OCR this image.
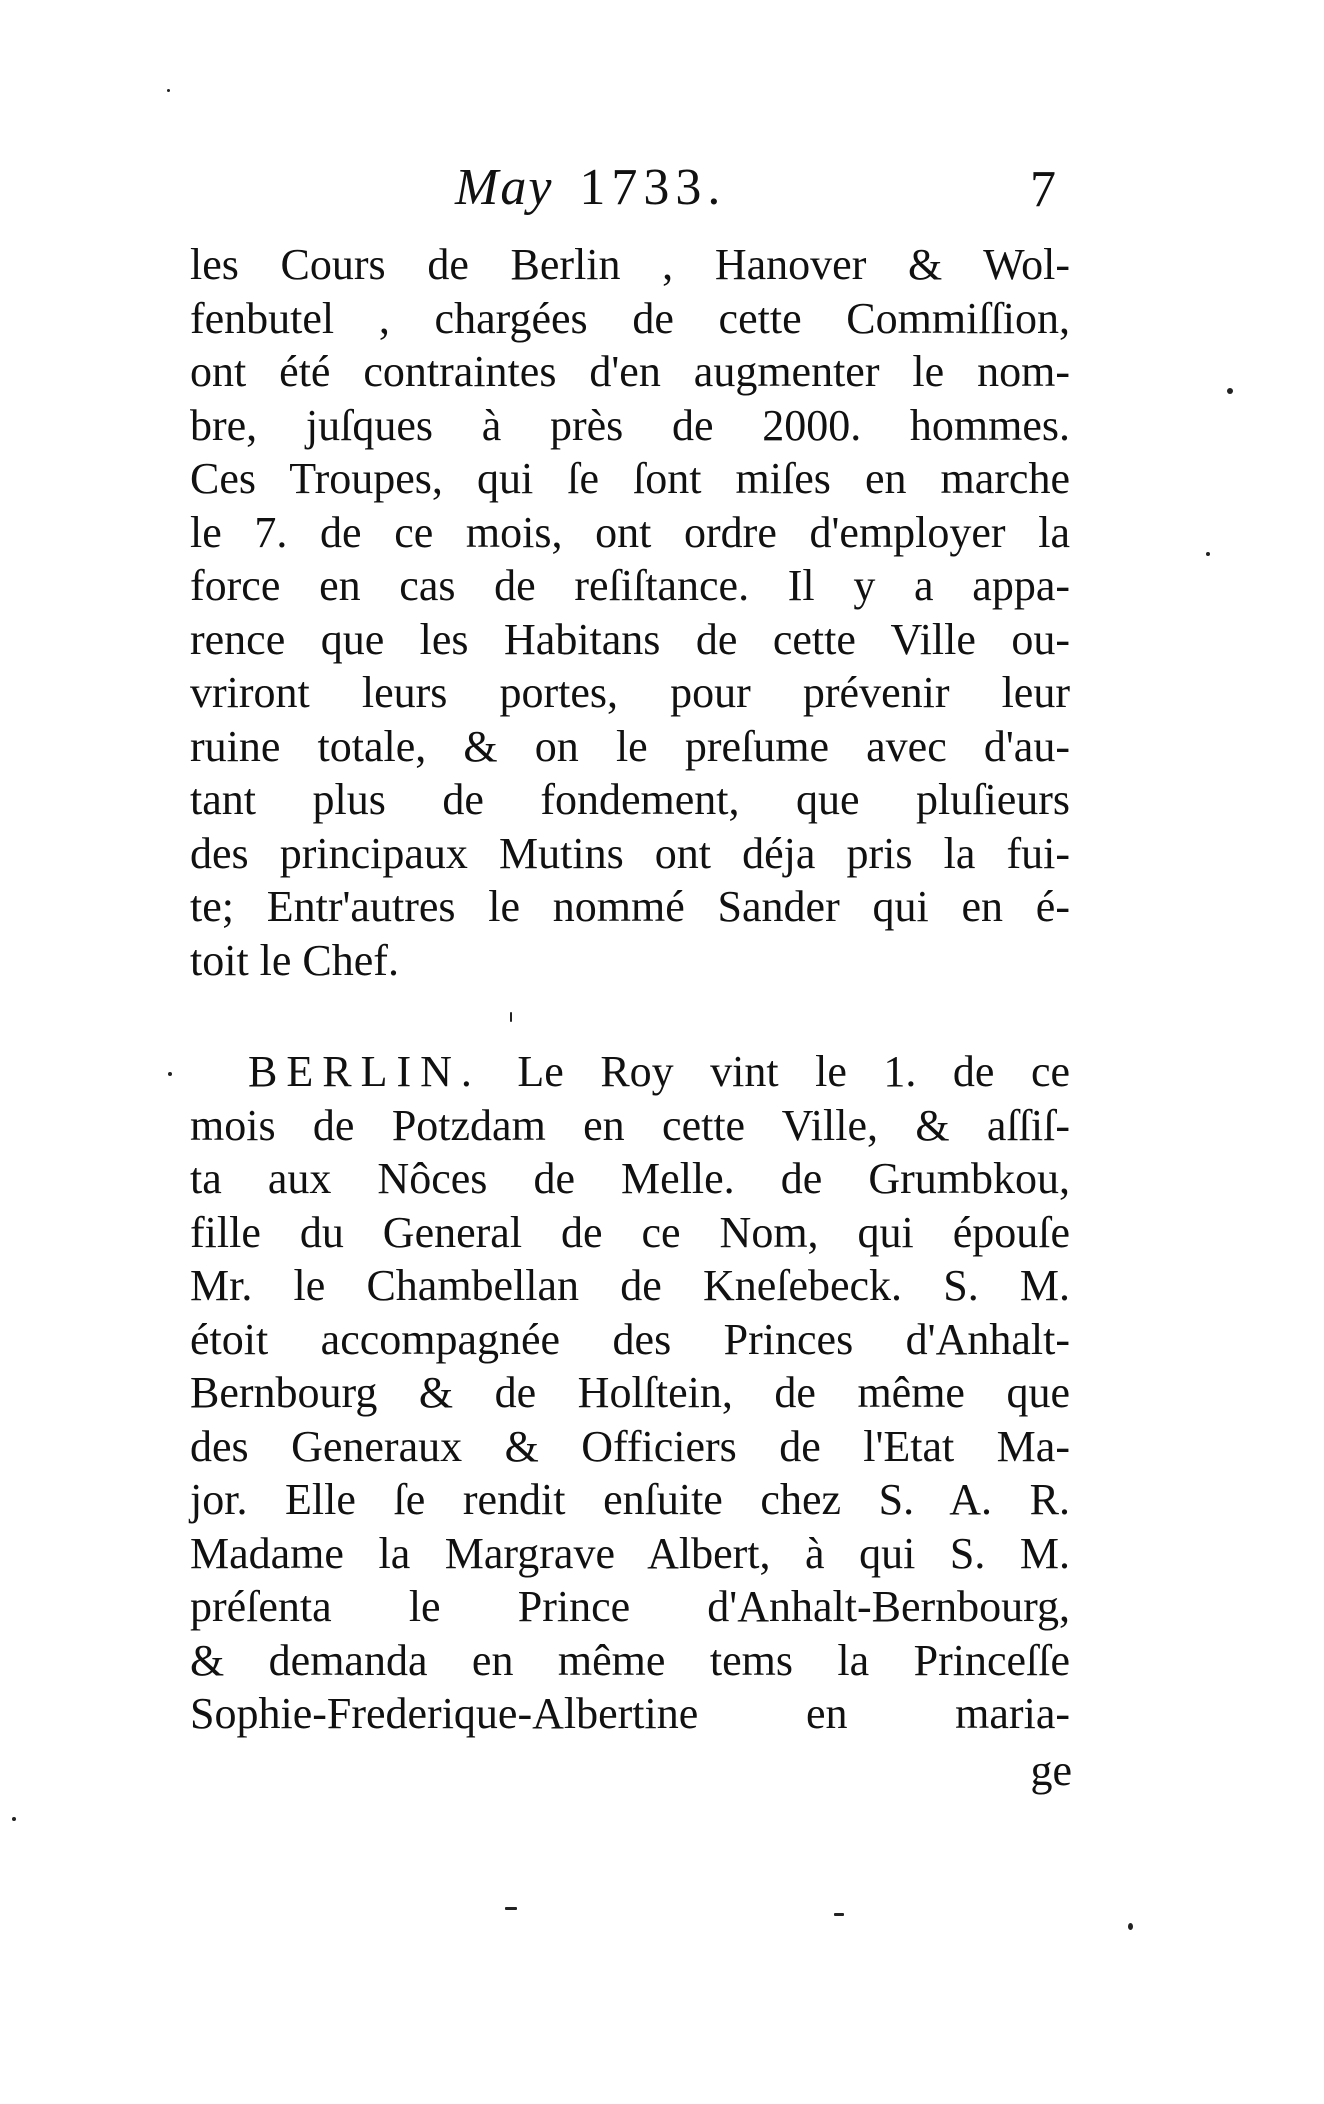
May 1733.	7
les Cours de Berlin , Hanover & Wol-
fenbutel , chargées de cette Commiſſion,
ont été contraintes d'en augmenter le nom-
bre, juſques à près de 2000. hommes.
Ces Troupes, qui ſe ſont miſes en marche
le 7. de ce mois, ont ordre d'employer la
force en cas de reſiſtance. Il y a appa-
rence que les Habitans de cette Ville ou-
vriront leurs portes, pour prévenir leur
ruine totale, & on le preſume avec d'au-
tant plus de fondement, que pluſieurs
des principaux Mutins ont déja pris la fui-
te; Entr'autres le nommé Sander qui en é-
toit le Chef.
BERLIN. Le Roy vint le 1. de ce
mois de Potzdam en cette Ville, & aſſiſ-
ta aux Nôces de Melle. de Grumbkou,
fille du General de ce Nom, qui épouſe
Mr. le Chambellan de Kneſebeck. S. M.
étoit accompagnée des Princes d'Anhalt-
Bernbourg & de Holſtein, de même que
des Generaux & Officiers de l'Etat Ma-
jor. Elle ſe rendit enſuite chez S. A. R.
Madame la Margrave Albert, à qui S. M.
préſenta le Prince d'Anhalt-Bernbourg,
& demanda en même tems la Princeſſe
Sophie-Frederique-Albertine en maria-
ge
